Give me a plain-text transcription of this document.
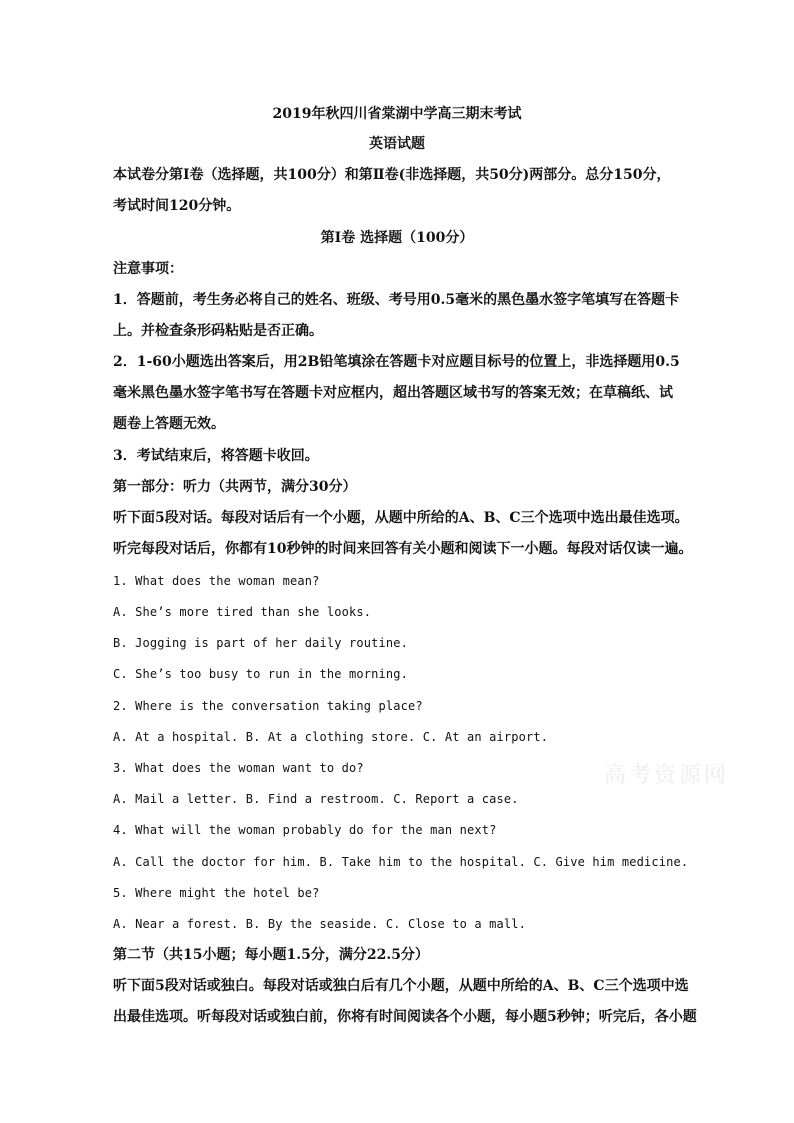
2019年秋四川省棠湖中学高三期末考试
英语试题
本试卷分第Ⅰ卷（选择题，共100分）和第Ⅱ卷(非选择题，共50分)两部分。总分150分，
考试时间120分钟。
第Ⅰ卷 选择题（100分）
注意事项：
1．答题前，考生务必将自己的姓名、班级、考号用0.5毫米的黑色墨水签字笔填写在答题卡
上。并检查条形码粘贴是否正确。
2．1-60小题选出答案后，用2B铅笔填涂在答题卡对应题目标号的位置上，非选择题用0.5
毫米黑色墨水签字笔书写在答题卡对应框内，超出答题区域书写的答案无效；在草稿纸、试
题卷上答题无效。
3．考试结束后，将答题卡收回。
第一部分：听力（共两节，满分30分）
听下面5段对话。每段对话后有一个小题，从题中所给的A、B、C三个选项中选出最佳选项。
听完每段对话后，你都有10秒钟的时间来回答有关小题和阅读下一小题。每段对话仅读一遍。
1. What does the woman mean?
A. She’s more tired than she looks.
B. Jogging is part of her daily routine.
C. She’s too busy to run in the morning.
2. Where is the conversation taking place?
A. At a hospital. B. At a clothing store. C. At an airport.
3. What does the woman want to do?
A. Mail a letter. B. Find a restroom. C. Report a case.
4. What will the woman probably do for the man next?
A. Call the doctor for him. B. Take him to the hospital. C. Give him medicine.
5. Where might the hotel be?
A. Near a forest. B. By the seaside. C. Close to a mall.
第二节（共15小题；每小题1.5分，满分22.5分）
听下面5段对话或独白。每段对话或独白后有几个小题，从题中所给的A、B、C三个选项中选
出最佳选项。听每段对话或独白前，你将有时间阅读各个小题，每小题5秒钟；听完后，各小题
高考资源网
